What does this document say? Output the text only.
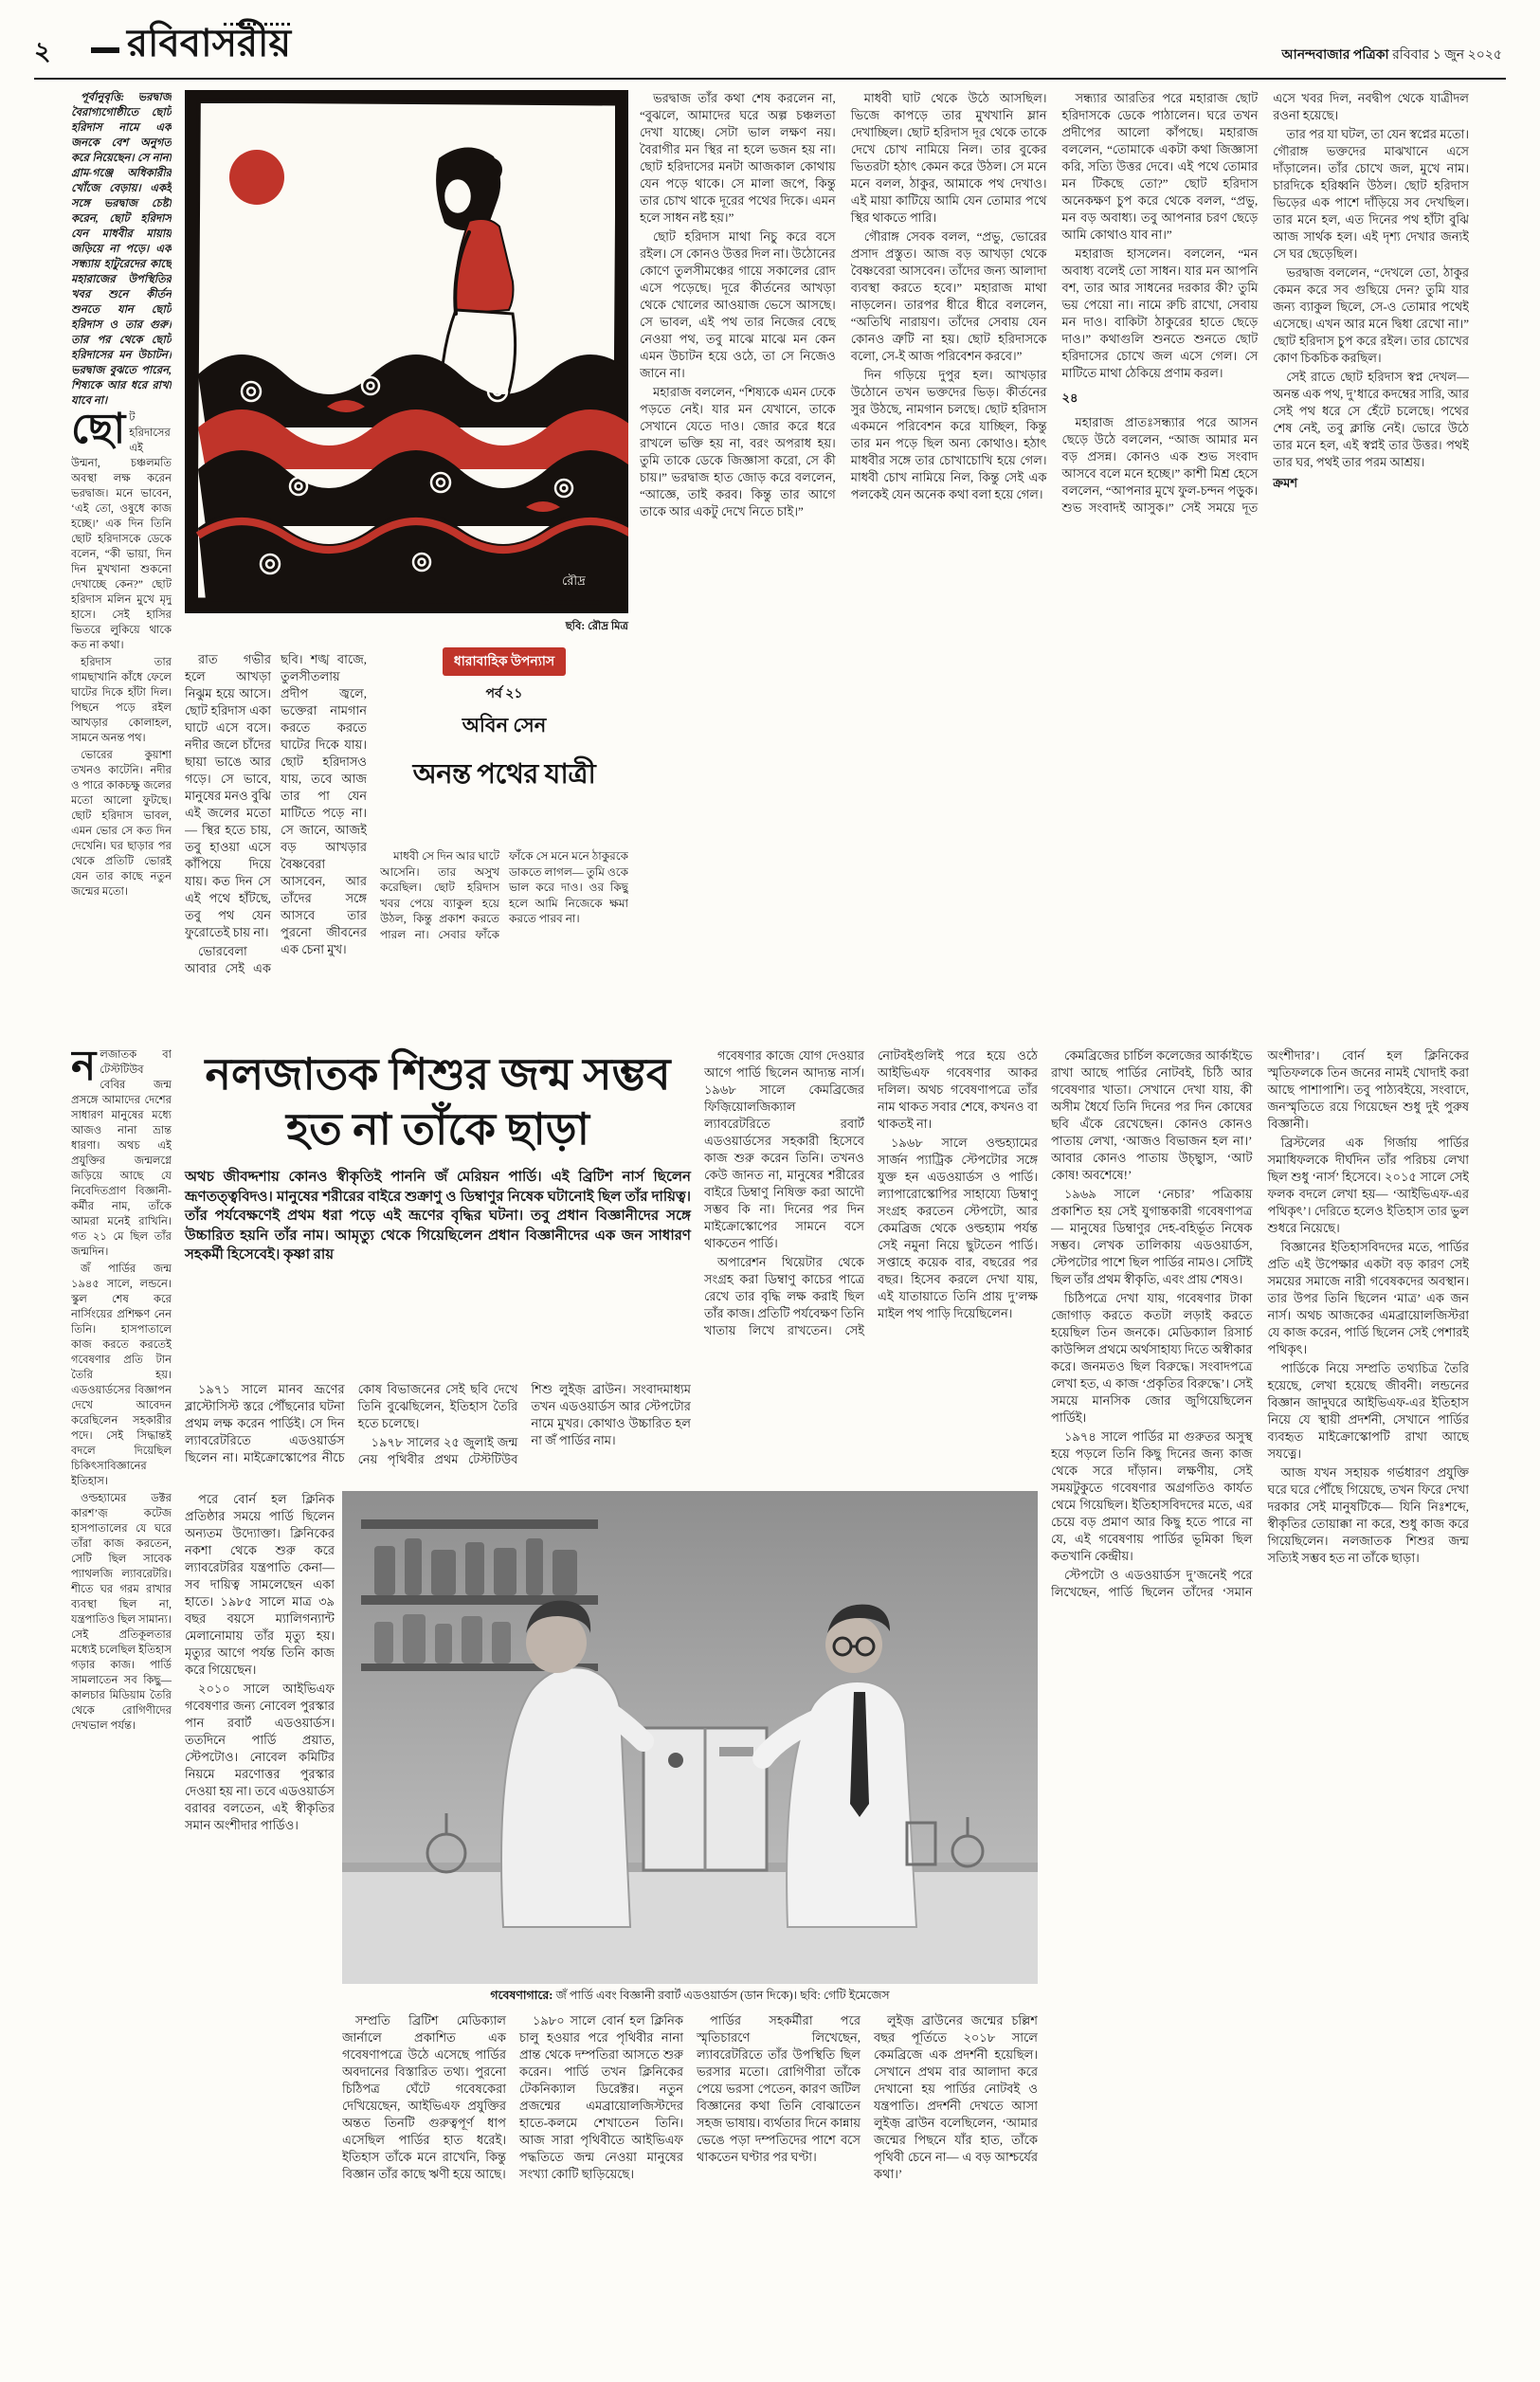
২ রবিবাসরীয়	আনন্দবাজার পত্রিকা রবিবার ১ জুন ২০২৫

পূর্বানুবৃত্তি: ভরদ্বাজ বৈরাগ্যগোষ্ঠীতে ছোট হরিদাস নামে এক জনকে বেশ অনুগত করে নিয়েছেন। সে নানা গ্রাম-গঞ্জে অধিকারীর খোঁজে বেড়ায়। একই সঙ্গে ভরদ্বাজ চেষ্টা করেন, ছোট হরিদাস যেন মাধবীর মায়ায় জড়িয়ে না পড়ে। এক সন্ধ্যায় হাটুরেদের কাছে মহারাজের উপস্থিতির খবর শুনে কীর্তন শুনতে যান ছোট হরিদাস ও তার গুরু। তার পর থেকে ছোট হরিদাসের মন উচাটন। ভরদ্বাজ বুঝতে পারেন, শিষ্যকে আর ধরে রাখা যাবে না।

ছোট হরিদাসের এই উন্মনা, চঞ্চলমতি অবস্থা লক্ষ করেন ভরদ্বাজ। মনে ভাবেন, ‘এই তো, ওষুধে কাজ হচ্ছে।’ এক দিন তিনি ছোট হরিদাসকে ডেকে বলেন, “কী ভায়া, দিন দিন মুখখানা শুকনো দেখাচ্ছে কেন?” ছোট হরিদাস মলিন মুখে মৃদু হাসে। সেই হাসির ভিতরে লুকিয়ে থাকে কত না কথা।

হরিদাস তার গামছাখানি কাঁধে ফেলে ঘাটের দিকে হাঁটা দিল। পিছনে পড়ে রইল আখড়ার কোলাহল, সামনে অনন্ত পথ।

ভোরের কুয়াশা তখনও কাটেনি। নদীর ও পারে কাকচক্ষু জলের মতো আলো ফুটছে। ছোট হরিদাস ভাবল, এমন ভোর সে কত দিন দেখেনি। ঘর ছাড়ার পর থেকে প্রতিটি ভোরই যেন তার কাছে নতুন জন্মের মতো।

রৌদ্র
ছবি: রৌদ্র মিত্র

রাত গভীর হলে আখড়া নিঝুম হয়ে আসে। ছোট হরিদাস একা ঘাটে এসে বসে। নদীর জলে চাঁদের ছায়া ভাঙে আর গড়ে। সে ভাবে, মানুষের মনও বুঝি এই জলের মতো— স্থির হতে চায়, তবু হাওয়া এসে কাঁপিয়ে দিয়ে যায়। কত দিন সে এই পথে হাঁটছে, তবু পথ যেন ফুরোতেই চায় না।

ভোরবেলা আবার সেই এক ছবি। শঙ্খ বাজে, তুলসীতলায় প্রদীপ জ্বলে, ভক্তেরা নামগান করতে করতে ঘাটের দিকে যায়। ছোট হরিদাসও যায়, তবে আজ তার পা যেন মাটিতে পড়ে না। সে জানে, আজই বড় আখড়ার বৈষ্ণবেরা আসবেন, আর তাঁদের সঙ্গে আসবে তার পুরনো জীবনের এক চেনা মুখ।

ধারাবাহিক উপন্যাস
পর্ব ২১
অবিন সেন
অনন্ত পথের যাত্রী

মাধবী সে দিন আর ঘাটে আসেনি। তার অসুখ করেছিল। ছোট হরিদাস খবর পেয়ে ব্যাকুল হয়ে উঠল, কিন্তু প্রকাশ করতে পারল না। সেবার ফাঁকে ফাঁকে সে মনে মনে ঠাকুরকে ডাকতে লাগল— তুমি ওকে ভাল করে দাও। ওর কিছু হলে আমি নিজেকে ক্ষমা করতে পারব না।

ভরদ্বাজ তাঁর কথা শেষ করলেন না, “বুঝলে, আমাদের ঘরে অল্প চঞ্চলতা দেখা যাচ্ছে। সেটা ভাল লক্ষণ নয়। বৈরাগীর মন স্থির না হলে ভজন হয় না। ছোট হরিদাসের মনটা আজকাল কোথায় যেন পড়ে থাকে। সে মালা জপে, কিন্তু তার চোখ থাকে দূরের পথের দিকে। এমন হলে সাধন নষ্ট হয়।”

ছোট হরিদাস মাথা নিচু করে বসে রইল। সে কোনও উত্তর দিল না। উঠোনের কোণে তুলসীমঞ্চের গায়ে সকালের রোদ এসে পড়েছে। দূরে কীর্তনের আখড়া থেকে খোলের আওয়াজ ভেসে আসছে। সে ভাবল, এই পথ তার নিজের বেছে নেওয়া পথ, তবু মাঝে মাঝে মন কেন এমন উচাটন হয়ে ওঠে, তা সে নিজেও জানে না।

মহারাজ বললেন, “শিষ্যকে এমন ঢেকে পড়তে নেই। যার মন যেখানে, তাকে সেখানে যেতে দাও। জোর করে ধরে রাখলে ভক্তি হয় না, বরং অপরাধ হয়। তুমি তাকে ডেকে জিজ্ঞাসা করো, সে কী চায়।” ভরদ্বাজ হাত জোড় করে বললেন, “আজ্ঞে, তাই করব। কিন্তু তার আগে তাকে আর একটু দেখে নিতে চাই।”

মাধবী ঘাট থেকে উঠে আসছিল। ভিজে কাপড়ে তার মুখখানি ম্লান দেখাচ্ছিল। ছোট হরিদাস দূর থেকে তাকে দেখে চোখ নামিয়ে নিল। তার বুকের ভিতরটা হঠাৎ কেমন করে উঠল। সে মনে মনে বলল, ঠাকুর, আমাকে পথ দেখাও। এই মায়া কাটিয়ে আমি যেন তোমার পথে স্থির থাকতে পারি।

গৌরাঙ্গ সেবক বলল, “প্রভু, ভোরের প্রসাদ প্রস্তুত। আজ বড় আখড়া থেকে বৈষ্ণবেরা আসবেন। তাঁদের জন্য আলাদা ব্যবস্থা করতে হবে।” মহারাজ মাথা নাড়লেন। তারপর ধীরে ধীরে বললেন, “অতিথি নারায়ণ। তাঁদের সেবায় যেন কোনও ত্রুটি না হয়। ছোট হরিদাসকে বলো, সে-ই আজ পরিবেশন করবে।”

দিন গড়িয়ে দুপুর হল। আখড়ার উঠোনে তখন ভক্তদের ভিড়। কীর্তনের সুর উঠছে, নামগান চলছে। ছোট হরিদাস একমনে পরিবেশন করে যাচ্ছিল, কিন্তু তার মন পড়ে ছিল অন্য কোথাও। হঠাৎ মাধবীর সঙ্গে তার চোখাচোখি হয়ে গেল। মাধবী চোখ নামিয়ে নিল, কিন্তু সেই এক পলকেই যেন অনেক কথা বলা হয়ে গেল।

সন্ধ্যার আরতির পরে মহারাজ ছোট হরিদাসকে ডেকে পাঠালেন। ঘরে তখন প্রদীপের আলো কাঁপছে। মহারাজ বললেন, “তোমাকে একটা কথা জিজ্ঞাসা করি, সত্যি উত্তর দেবে। এই পথে তোমার মন টিকছে তো?” ছোট হরিদাস অনেকক্ষণ চুপ করে থেকে বলল, “প্রভু, মন বড় অবাধ্য। তবু আপনার চরণ ছেড়ে আমি কোথাও যাব না।”

মহারাজ হাসলেন। বললেন, “মন অবাধ্য বলেই তো সাধন। যার মন আপনি বশ, তার আর সাধনের দরকার কী? তুমি ভয় পেয়ো না। নামে রুচি রাখো, সেবায় মন দাও। বাকিটা ঠাকুরের হাতে ছেড়ে দাও।” কথাগুলি শুনতে শুনতে ছোট হরিদাসের চোখে জল এসে গেল। সে মাটিতে মাথা ঠেকিয়ে প্রণাম করল।

২৪

মহারাজ প্রাতঃসন্ধ্যার পরে আসন ছেড়ে উঠে বললেন, “আজ আমার মন বড় প্রসন্ন। কোনও এক শুভ সংবাদ আসবে বলে মনে হচ্ছে।” কাশী মিশ্র হেসে বললেন, “আপনার মুখে ফুল-চন্দন পড়ুক। শুভ সংবাদই আসুক।” সেই সময়ে দূত এসে খবর দিল, নবদ্বীপ থেকে যাত্রীদল রওনা হয়েছে।

তার পর যা ঘটল, তা যেন স্বপ্নের মতো। গৌরাঙ্গ ভক্তদের মাঝখানে এসে দাঁড়ালেন। তাঁর চোখে জল, মুখে নাম। চারদিকে হরিধ্বনি উঠল। ছোট হরিদাস ভিড়ের এক পাশে দাঁড়িয়ে সব দেখছিল। তার মনে হল, এত দিনের পথ হাঁটা বুঝি আজ সার্থক হল। এই দৃশ্য দেখার জন্যই সে ঘর ছেড়েছিল।

ভরদ্বাজ বললেন, “দেখলে তো, ঠাকুর কেমন করে সব গুছিয়ে দেন? তুমি যার জন্য ব্যাকুল ছিলে, সে-ও তোমার পথেই এসেছে। এখন আর মনে দ্বিধা রেখো না।” ছোট হরিদাস চুপ করে রইল। তার চোখের কোণ চিকচিক করছিল।

সেই রাতে ছোট হরিদাস স্বপ্ন দেখল— অনন্ত এক পথ, দু’ধারে কদম্বের সারি, আর সেই পথ ধরে সে হেঁটে চলেছে। পথের শেষ নেই, তবু ক্লান্তি নেই। ভোরে উঠে তার মনে হল, এই স্বপ্নই তার উত্তর। পথই তার ঘর, পথই তার পরম আশ্রয়।

ক্রমশ

নলজাতক বা টেস্টটিউব বেবির জন্ম প্রসঙ্গে আমাদের দেশের সাধারণ মানুষের মধ্যে আজও নানা ভ্রান্ত ধারণা। অথচ এই প্রযুক্তির জন্মলগ্নে জড়িয়ে আছে যে নিবেদিতপ্রাণ বিজ্ঞানী-কর্মীর নাম, তাঁকে আমরা মনেই রাখিনি। গত ২১ মে ছিল তাঁর জন্মদিন।

জঁ পার্ডির জন্ম ১৯৪৫ সালে, লন্ডনে। স্কুল শেষ করে নার্সিংয়ের প্রশিক্ষণ নেন তিনি। হাসপাতালে কাজ করতে করতেই গবেষণার প্রতি টান তৈরি হয়। এডওয়ার্ডসের বিজ্ঞাপন দেখে আবেদন করেছিলেন সহকারীর পদে। সেই সিদ্ধান্তই বদলে দিয়েছিল চিকিৎসাবিজ্ঞানের ইতিহাস।

ওল্ডহ্যামের ডক্টর কারশ’জ় কটেজ হাসপাতালের যে ঘরে তাঁরা কাজ করতেন, সেটি ছিল সাবেক প্যাথলজি ল্যাবরেটরি। শীতে ঘর গরম রাখার ব্যবস্থা ছিল না, যন্ত্রপাতিও ছিল সামান্য। সেই প্রতিকূলতার মধ্যেই চলেছিল ইতিহাস গড়ার কাজ। পার্ডি সামলাতেন সব কিছু— কালচার মিডিয়াম তৈরি থেকে রোগিণীদের দেখভাল পর্যন্ত।

নলজাতক শিশুর জন্ম সম্ভব হত না তাঁকে ছাড়া

অথচ জীবদ্দশায় কোনও স্বীকৃতিই পাননি জঁ মেরিয়ন পার্ডি। এই ব্রিটিশ নার্স ছিলেন ভ্রূণতত্ত্ববিদও। মানুষের শরীরের বাইরে শুক্রাণু ও ডিম্বাণুর নিষেক ঘটানোই ছিল তাঁর দায়িত্ব। তাঁর পর্যবেক্ষণেই প্রথম ধরা পড়ে এই ভ্রূণের বৃদ্ধির ঘটনা। তবু প্রধান বিজ্ঞানীদের সঙ্গে উচ্চারিত হয়নি তাঁর নাম। আমৃত্যু থেকে গিয়েছিলেন প্রধান বিজ্ঞানীদের এক জন সাধারণ সহকর্মী হিসেবেই। কৃষ্ণা রায়

গবেষণার কাজে যোগ দেওয়ার আগে পার্ডি ছিলেন আদ্যন্ত নার্স। ১৯৬৮ সালে কেমব্রিজের ফিজ়িয়োলজিক্যাল ল্যাবরেটরিতে রবার্ট এডওয়ার্ডসের সহকারী হিসেবে কাজ শুরু করেন তিনি। তখনও কেউ জানত না, মানুষের শরীরের বাইরে ডিম্বাণু নিষিক্ত করা আদৌ সম্ভব কি না। দিনের পর দিন মাইক্রোস্কোপের সামনে বসে থাকতেন পার্ডি।

অপারেশন থিয়েটার থেকে সংগ্রহ করা ডিম্বাণু কাচের পাত্রে রেখে তার বৃদ্ধি লক্ষ করাই ছিল তাঁর কাজ। প্রতিটি পর্যবেক্ষণ তিনি খাতায় লিখে রাখতেন। সেই নোটবইগুলিই পরে হয়ে ওঠে আইভিএফ গবেষণার আকর দলিল। অথচ গবেষণাপত্রে তাঁর নাম থাকত সবার শেষে, কখনও বা থাকতই না।

১৯৬৮ সালে ওল্ডহ্যামের সার্জন প্যাট্রিক স্টেপটোর সঙ্গে যুক্ত হন এডওয়ার্ডস ও পার্ডি। ল্যাপারোস্কোপির সাহায্যে ডিম্বাণু সংগ্রহ করতেন স্টেপটো, আর কেমব্রিজ থেকে ওল্ডহ্যাম পর্যন্ত সেই নমুনা নিয়ে ছুটতেন পার্ডি। সপ্তাহে কয়েক বার, বছরের পর বছর। হিসেব করলে দেখা যায়, এই যাতায়াতে তিনি প্রায় দু’লক্ষ মাইল পথ পাড়ি দিয়েছিলেন।

১৯৭১ সালে মানব ভ্রূণের ব্লাস্টোসিস্ট স্তরে পৌঁছনোর ঘটনা প্রথম লক্ষ করেন পার্ডিই। সে দিন ল্যাবরেটরিতে এডওয়ার্ডস ছিলেন না। মাইক্রোস্কোপের নীচে কোষ বিভাজনের সেই ছবি দেখে তিনি বুঝেছিলেন, ইতিহাস তৈরি হতে চলেছে।

১৯৭৮ সালের ২৫ জুলাই জন্ম নেয় পৃথিবীর প্রথম টেস্টটিউব শিশু লুইজ় ব্রাউন। সংবাদমাধ্যম তখন এডওয়ার্ডস আর স্টেপটোর নামে মুখর। কোথাও উচ্চারিত হল না জঁ পার্ডির নাম।

পরে বোর্ন হল ক্লিনিক প্রতিষ্ঠার সময়ে পার্ডি ছিলেন অন্যতম উদ্যোক্তা। ক্লিনিকের নকশা থেকে শুরু করে ল্যাবরেটরির যন্ত্রপাতি কেনা— সব দায়িত্ব সামলেছেন একা হাতে। ১৯৮৫ সালে মাত্র ৩৯ বছর বয়সে ম্যালিগন্যান্ট মেলানোমায় তাঁর মৃত্যু হয়। মৃত্যুর আগে পর্যন্ত তিনি কাজ করে গিয়েছেন।

২০১০ সালে আইভিএফ গবেষণার জন্য নোবেল পুরস্কার পান রবার্ট এডওয়ার্ডস। ততদিনে পার্ডি প্রয়াত, স্টেপটোও। নোবেল কমিটির নিয়মে মরণোত্তর পুরস্কার দেওয়া হয় না। তবে এডওয়ার্ডস বরাবর বলতেন, এই স্বীকৃতির সমান অংশীদার পার্ডিও।

গবেষণাগারে: জঁ পার্ডি এবং বিজ্ঞানী রবার্ট এডওয়ার্ডস (ডান দিকে)। ছবি: গেটি ইমেজেস

সম্প্রতি ব্রিটিশ মেডিক্যাল জার্নালে প্রকাশিত এক গবেষণাপত্রে উঠে এসেছে পার্ডির অবদানের বিস্তারিত তথ্য। পুরনো চিঠিপত্র ঘেঁটে গবেষকেরা দেখিয়েছেন, আইভিএফ প্রযুক্তির অন্তত তিনটি গুরুত্বপূর্ণ ধাপ এসেছিল পার্ডির হাত ধরেই। ইতিহাস তাঁকে মনে রাখেনি, কিন্তু বিজ্ঞান তাঁর কাছে ঋণী হয়ে আছে।

১৯৮০ সালে বোর্ন হল ক্লিনিক চালু হওয়ার পরে পৃথিবীর নানা প্রান্ত থেকে দম্পতিরা আসতে শুরু করেন। পার্ডি তখন ক্লিনিকের টেকনিক্যাল ডিরেক্টর। নতুন প্রজন্মের এমব্রায়োলজিস্টদের হাতে-কলমে শেখাতেন তিনি। আজ সারা পৃথিবীতে আইভিএফ পদ্ধতিতে জন্ম নেওয়া মানুষের সংখ্যা কোটি ছাড়িয়েছে।

পার্ডির সহকর্মীরা পরে স্মৃতিচারণে লিখেছেন, ল্যাবরেটরিতে তাঁর উপস্থিতি ছিল ভরসার মতো। রোগিণীরা তাঁকে পেয়ে ভরসা পেতেন, কারণ জটিল বিজ্ঞানের কথা তিনি বোঝাতেন সহজ ভাষায়। ব্যর্থতার দিনে কান্নায় ভেঙে পড়া দম্পতিদের পাশে বসে থাকতেন ঘণ্টার পর ঘণ্টা।

লুইজ় ব্রাউনের জন্মের চল্লিশ বছর পূর্তিতে ২০১৮ সালে কেমব্রিজে এক প্রদর্শনী হয়েছিল। সেখানে প্রথম বার আলাদা করে দেখানো হয় পার্ডির নোটবই ও যন্ত্রপাতি। প্রদর্শনী দেখতে আসা লুইজ় ব্রাউন বলেছিলেন, ‘আমার জন্মের পিছনে যাঁর হাত, তাঁকে পৃথিবী চেনে না— এ বড় আশ্চর্যের কথা।’

কেমব্রিজের চার্চিল কলেজের আর্কাইভে রাখা আছে পার্ডির নোটবই, চিঠি আর গবেষণার খাতা। সেখানে দেখা যায়, কী অসীম ধৈর্যে তিনি দিনের পর দিন কোষের ছবি এঁকে রেখেছেন। কোনও কোনও পাতায় লেখা, ‘আজও বিভাজন হল না।’ আবার কোনও পাতায় উচ্ছ্বাস, ‘আট কোষ! অবশেষে!’

১৯৬৯ সালে ‘নেচার’ পত্রিকায় প্রকাশিত হয় সেই যুগান্তকারী গবেষণাপত্র— মানুষের ডিম্বাণুর দেহ-বহির্ভূত নিষেক সম্ভব। লেখক তালিকায় এডওয়ার্ডস, স্টেপটোর পাশে ছিল পার্ডির নামও। সেটিই ছিল তাঁর প্রথম স্বীকৃতি, এবং প্রায় শেষও।

চিঠিপত্রে দেখা যায়, গবেষণার টাকা জোগাড় করতে কতটা লড়াই করতে হয়েছিল তিন জনকে। মেডিক্যাল রিসার্চ কাউন্সিল প্রথমে অর্থসাহায্য দিতে অস্বীকার করে। জনমতও ছিল বিরুদ্ধে। সংবাদপত্রে লেখা হত, এ কাজ ‘প্রকৃতির বিরুদ্ধে’। সেই সময়ে মানসিক জোর জুগিয়েছিলেন পার্ডিই।

১৯৭৪ সালে পার্ডির মা গুরুতর অসুস্থ হয়ে পড়লে তিনি কিছু দিনের জন্য কাজ থেকে সরে দাঁড়ান। লক্ষণীয়, সেই সময়টুকুতে গবেষণার অগ্রগতিও কার্যত থেমে গিয়েছিল। ইতিহাসবিদদের মতে, এর চেয়ে বড় প্রমাণ আর কিছু হতে পারে না যে, এই গবেষণায় পার্ডির ভূমিকা ছিল কতখানি কেন্দ্রীয়।

স্টেপটো ও এডওয়ার্ডস দু’জনেই পরে লিখেছেন, পার্ডি ছিলেন তাঁদের ‘সমান অংশীদার’। বোর্ন হল ক্লিনিকের স্মৃতিফলকে তিন জনের নামই খোদাই করা আছে পাশাপাশি। তবু পাঠ্যবইয়ে, সংবাদে, জনস্মৃতিতে রয়ে গিয়েছেন শুধু দুই পুরুষ বিজ্ঞানী।

ব্রিস্টলের এক গির্জায় পার্ডির সমাধিফলকে দীর্ঘদিন তাঁর পরিচয় লেখা ছিল শুধু ‘নার্স’ হিসেবে। ২০১৫ সালে সেই ফলক বদলে লেখা হয়— ‘আইভিএফ-এর পথিকৃৎ’। দেরিতে হলেও ইতিহাস তার ভুল শুধরে নিয়েছে।

বিজ্ঞানের ইতিহাসবিদদের মতে, পার্ডির প্রতি এই উপেক্ষার একটা বড় কারণ সেই সময়ের সমাজে নারী গবেষকদের অবস্থান। তার উপর তিনি ছিলেন ‘মাত্র’ এক জন নার্স। অথচ আজকের এমব্রায়োলজিস্টরা যে কাজ করেন, পার্ডি ছিলেন সেই পেশারই পথিকৃৎ।

পার্ডিকে নিয়ে সম্প্রতি তথ্যচিত্র তৈরি হয়েছে, লেখা হয়েছে জীবনী। লন্ডনের বিজ্ঞান জাদুঘরে আইভিএফ-এর ইতিহাস নিয়ে যে স্থায়ী প্রদর্শনী, সেখানে পার্ডির ব্যবহৃত মাইক্রোস্কোপটি রাখা আছে সযত্নে।

আজ যখন সহায়ক গর্ভধারণ প্রযুক্তি ঘরে ঘরে পৌঁছে গিয়েছে, তখন ফিরে দেখা দরকার সেই মানুষটিকে— যিনি নিঃশব্দে, স্বীকৃতির তোয়াক্কা না করে, শুধু কাজ করে গিয়েছিলেন। নলজাতক শিশুর জন্ম সত্যিই সম্ভব হত না তাঁকে ছাড়া।
